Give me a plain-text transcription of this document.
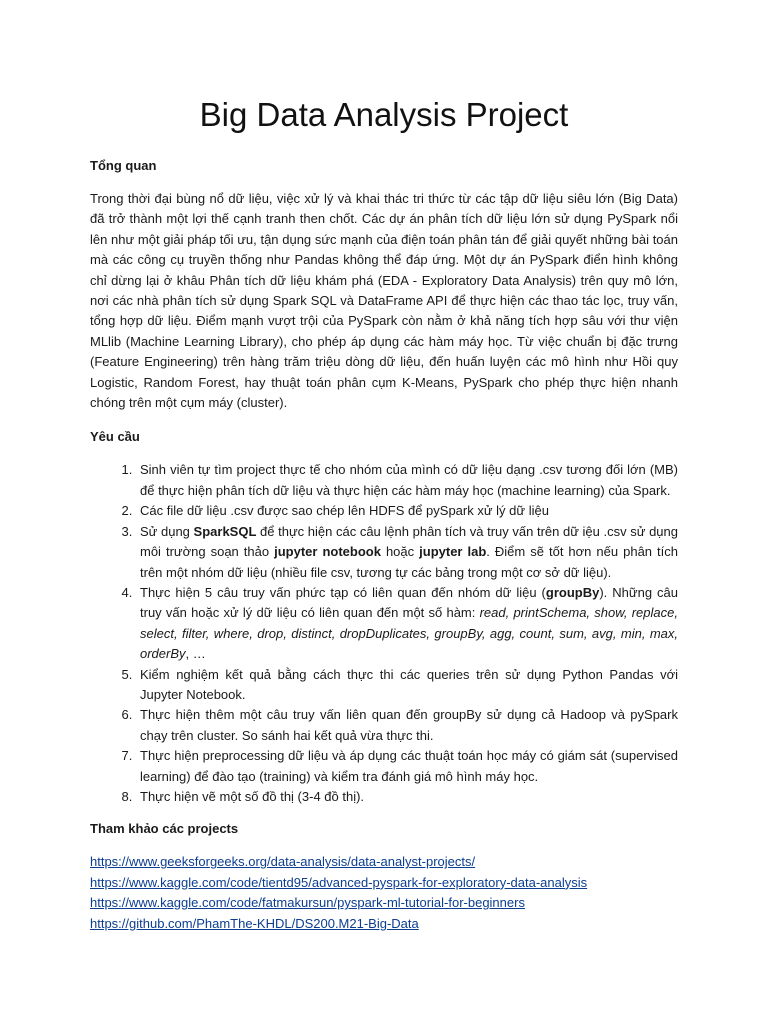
Big Data Analysis Project
Tổng quan

Trong thời đại bùng nổ dữ liệu, việc xử lý và khai thác tri thức từ các tập dữ liệu siêu lớn (Big Data) đã trở thành một lợi thế cạnh tranh then chốt. Các dự án phân tích dữ liệu lớn sử dụng PySpark nổi lên như một giải pháp tối ưu, tận dụng sức mạnh của điện toán phân tán để giải quyết những bài toán mà các công cụ truyền thống như Pandas không thể đáp ứng. Một dự án PySpark điển hình không chỉ dừng lại ở khâu Phân tích dữ liệu khám phá (EDA - Exploratory Data Analysis) trên quy mô lớn, nơi các nhà phân tích sử dụng Spark SQL và DataFrame API để thực hiện các thao tác lọc, truy vấn, tổng hợp dữ liệu. Điểm mạnh vượt trội của PySpark còn nằm ở khả năng tích hợp sâu với thư viện MLlib (Machine Learning Library), cho phép áp dụng các hàm máy học. Từ việc chuẩn bị đặc trưng (Feature Engineering) trên hàng trăm triệu dòng dữ liệu, đến huấn luyện các mô hình như Hồi quy Logistic, Random Forest, hay thuật toán phân cụm K-Means, PySpark cho phép thực hiện nhanh chóng trên một cụm máy (cluster).

Yêu cầu
1. Sinh viên tự tìm project thực tế cho nhóm của mình có dữ liệu dạng .csv tương đối lớn (MB) để thực hiện phân tích dữ liệu và thực hiện các hàm máy học (machine learning) của Spark.
2. Các file dữ liệu .csv được sao chép lên HDFS để pySpark xử lý dữ liệu
3. Sử dụng SparkSQL để thực hiện các câu lệnh phân tích và truy vấn trên dữ iệu .csv sử dụng môi trường soạn thảo jupyter notebook hoặc jupyter lab. Điểm sẽ tốt hơn nếu phân tích trên một nhóm dữ liệu (nhiều file csv, tương tự các bảng trong một cơ sở dữ liệu).
4. Thực hiện 5 câu truy vấn phức tạp có liên quan đến nhóm dữ liệu (groupBy). Những câu truy vấn hoặc xử lý dữ liệu có liên quan đến một số hàm: read, printSchema, show, replace, select, filter, where, drop, distinct, dropDuplicates, groupBy, agg, count, sum, avg, min, max, orderBy, …
5. Kiểm nghiệm kết quả bằng cách thực thi các queries trên sử dụng Python Pandas với Jupyter Notebook.
6. Thực hiện thêm một câu truy vấn liên quan đến groupBy sử dụng cả Hadoop và pySpark chạy trên cluster. So sánh hai kết quả vừa thực thi.
7. Thực hiện preprocessing dữ liệu và áp dụng các thuật toán học máy có giám sát (supervised learning) để đào tạo (training) và kiểm tra đánh giá mô hình máy học.
8. Thực hiện vẽ một số đồ thị (3-4 đồ thị).
Tham khảo các projects
https://www.geeksforgeeks.org/data-analysis/data-analyst-projects/
https://www.kaggle.com/code/tientd95/advanced-pyspark-for-exploratory-data-analysis
https://www.kaggle.com/code/fatmakursun/pyspark-ml-tutorial-for-beginners
https://github.com/PhamThe-KHDL/DS200.M21-Big-Data
